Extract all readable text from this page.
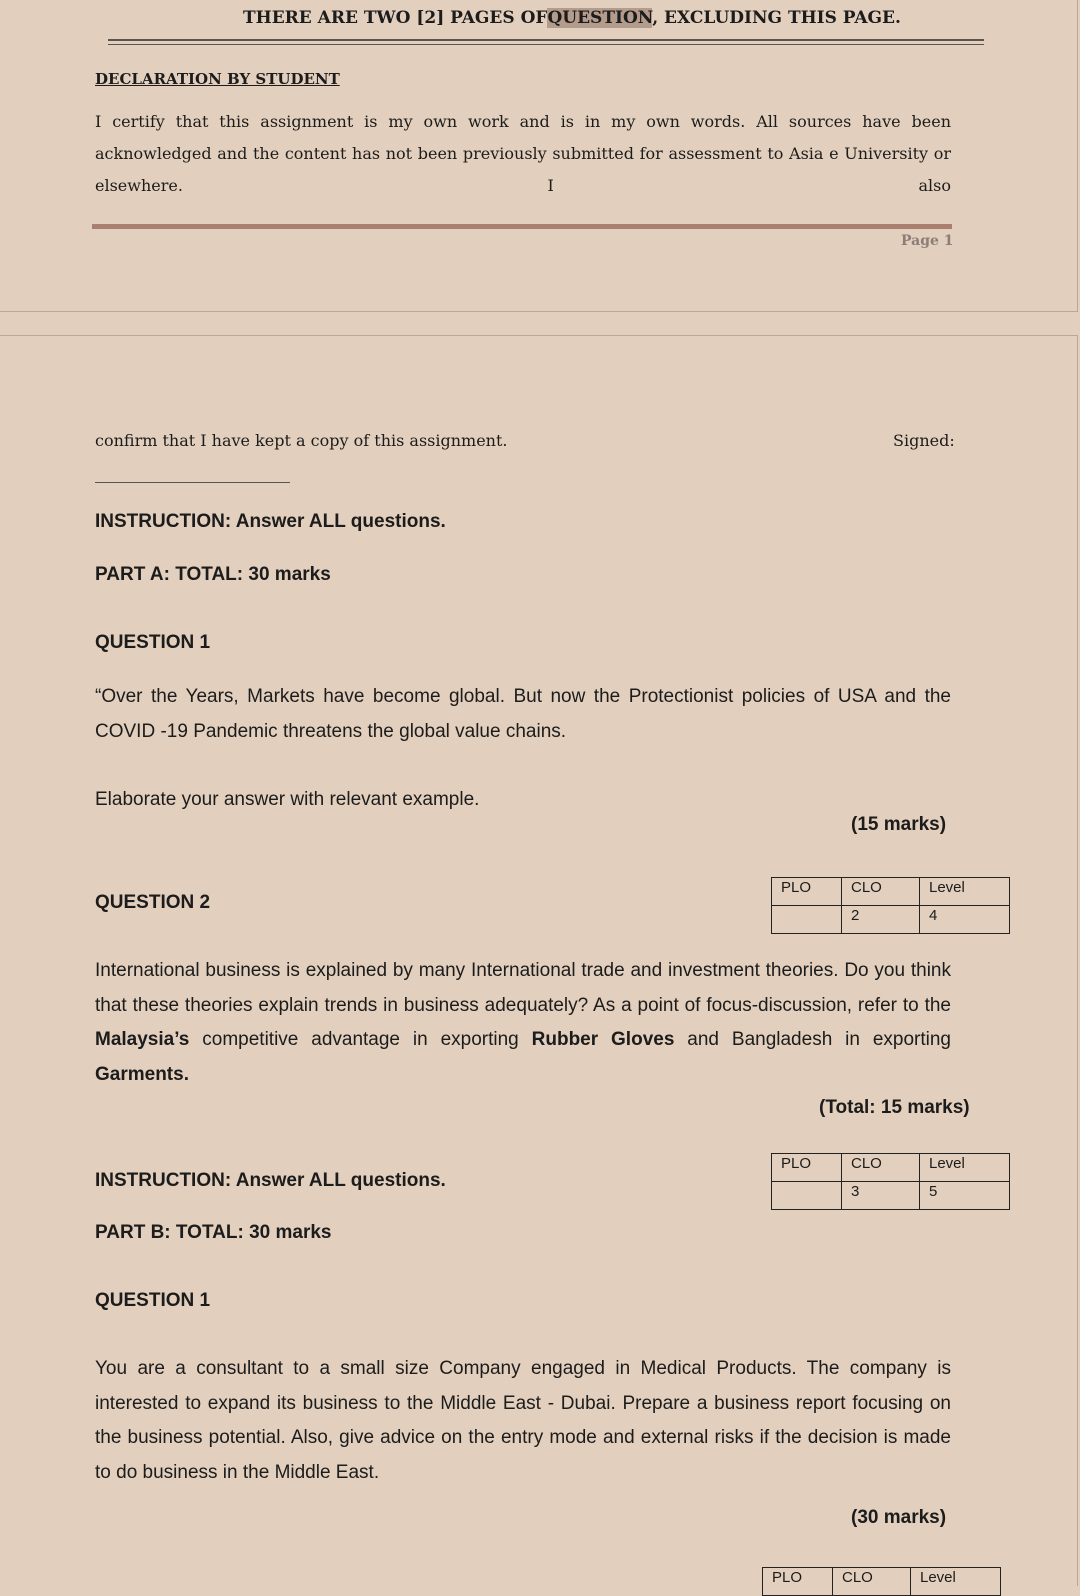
THERE ARE TWO [2] PAGES OFQUESTION, EXCLUDING THIS PAGE.
DECLARATION BY STUDENT
I certify that this assignment is my own work and is in my own words. All sources have been acknowledged and the content has not been previously submitted for assessment to Asia e University or elsewhere. I also
Page 1
confirm that I have kept a copy of this assignment.	Signed:
INSTRUCTION: Answer ALL questions.
PART A: TOTAL: 30 marks
QUESTION 1
“Over the Years, Markets have become global. But now the Protectionist policies of USA and the COVID -19 Pandemic threatens the global value chains.
Elaborate your answer with relevant example.
(15 marks)
PLO	CLO	Level
	2	4
QUESTION 2
International business is explained by many International trade and investment theories. Do you think that these theories explain trends in business adequately? As a point of focus-discussion, refer to the Malaysia’s competitive advantage in exporting Rubber Gloves and Bangladesh in exporting Garments.
(Total: 15 marks)
PLO	CLO	Level
	3	5
INSTRUCTION: Answer ALL questions.
PART B: TOTAL: 30 marks
QUESTION 1
You are a consultant to a small size Company engaged in Medical Products. The company is interested to expand its business to the Middle East - Dubai. Prepare a business report focusing on the business potential. Also, give advice on the entry mode and external risks if the decision is made to do business in the Middle East.
(30 marks)
PLO	CLO	Level
